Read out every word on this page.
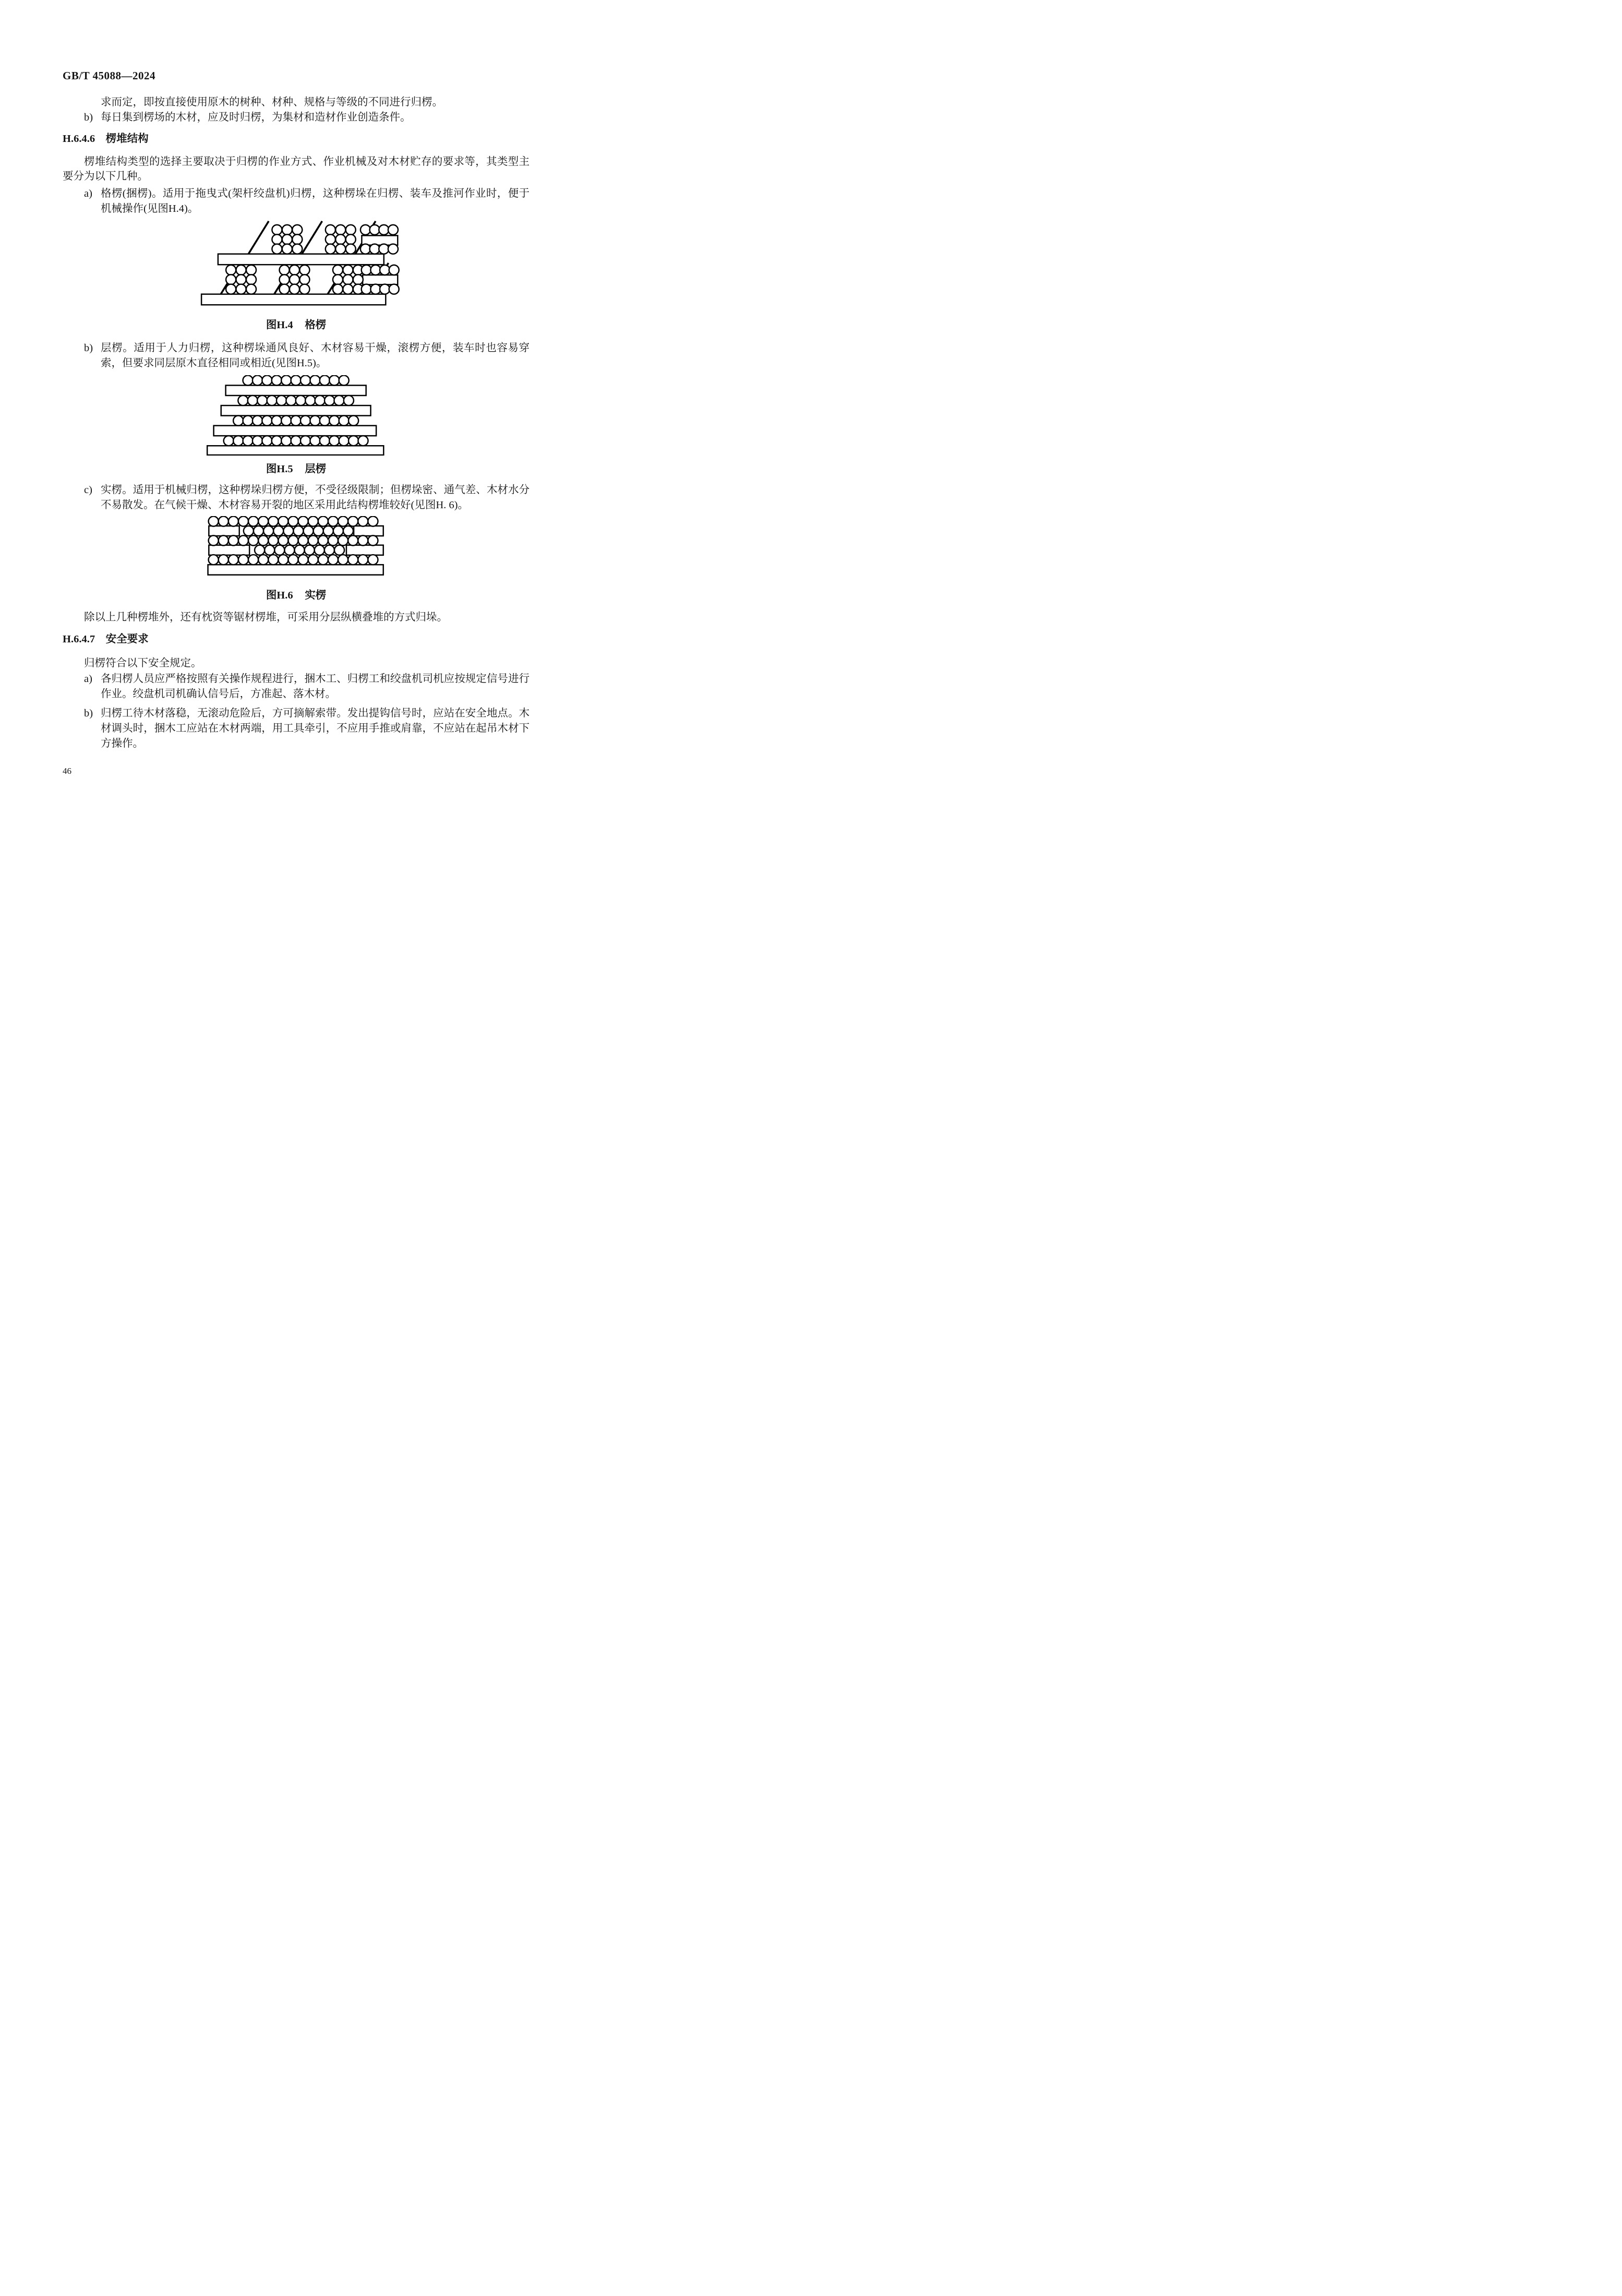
GB/T 45088—2024
求而定，即按直接使用原木的树种、材种、规格与等级的不同进行归楞。
b) 每日集到楞场的木材，应及时归楞，为集材和造材作业创造条件。
H.6.4.6 楞堆结构
楞堆结构类型的选择主要取决于归楞的作业方式、作业机械及对木材贮存的要求等，其类型主要分为以下几种。
a) 格楞(捆楞)。适用于拖曳式(架杆绞盘机)归楞，这种楞垛在归楞、装车及推河作业时，便于机械操作(见图H.4)。
图H.4 格楞
b) 层楞。适用于人力归楞，这种楞垛通风良好、木材容易干燥，滚楞方便，装车时也容易穿索，但要求同层原木直径相同或相近(见图H.5)。
图H.5 层楞
c) 实楞。适用于机械归楞，这种楞垛归楞方便，不受径级限制；但楞垛密、通气差、木材水分不易散发。在气候干燥、木材容易开裂的地区采用此结构楞堆较好(见图H. 6)。
图H.6 实楞
除以上几种楞堆外，还有枕资等锯材楞堆，可采用分层纵横叠堆的方式归垛。
H.6.4.7 安全要求
归楞符合以下安全规定。
a) 各归楞人员应严格按照有关操作规程进行，捆木工、归楞工和绞盘机司机应按规定信号进行作业。绞盘机司机确认信号后，方准起、落木材。
b) 归楞工待木材落稳，无滚动危险后，方可摘解索带。发出提钩信号时，应站在安全地点。木材调头时，捆木工应站在木材两端，用工具牵引，不应用手推或肩靠，不应站在起吊木材下方操作。
46
